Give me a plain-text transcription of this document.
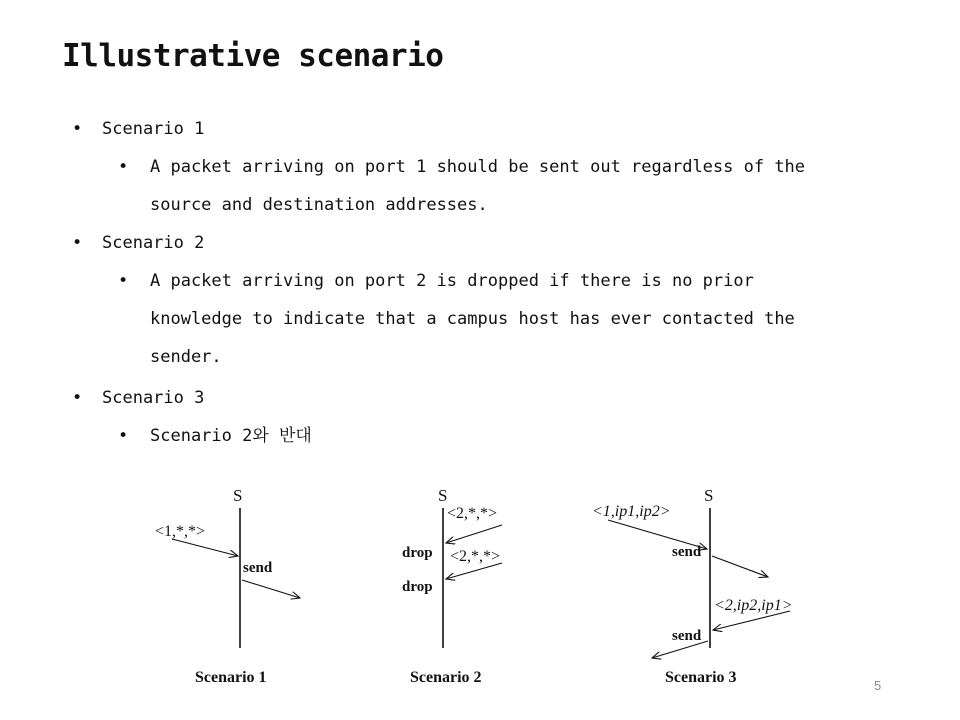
Illustrative scenario
• Scenario 1
• A packet arriving on port 1 should be sent out regardless of the source and destination addresses.
• Scenario 2
• A packet arriving on port 2 is dropped if there is no prior knowledge to indicate that a campus host has ever contacted the sender.
• Scenario 3
• Scenario 2와 반대
S
<1,*,*>
send
Scenario 1
S
<2,*,*>
drop <2,*,*>
drop
Scenario 2
S
<1,ip1,ip2>
send
<2,ip2,ip1>
send
Scenario 3	5
